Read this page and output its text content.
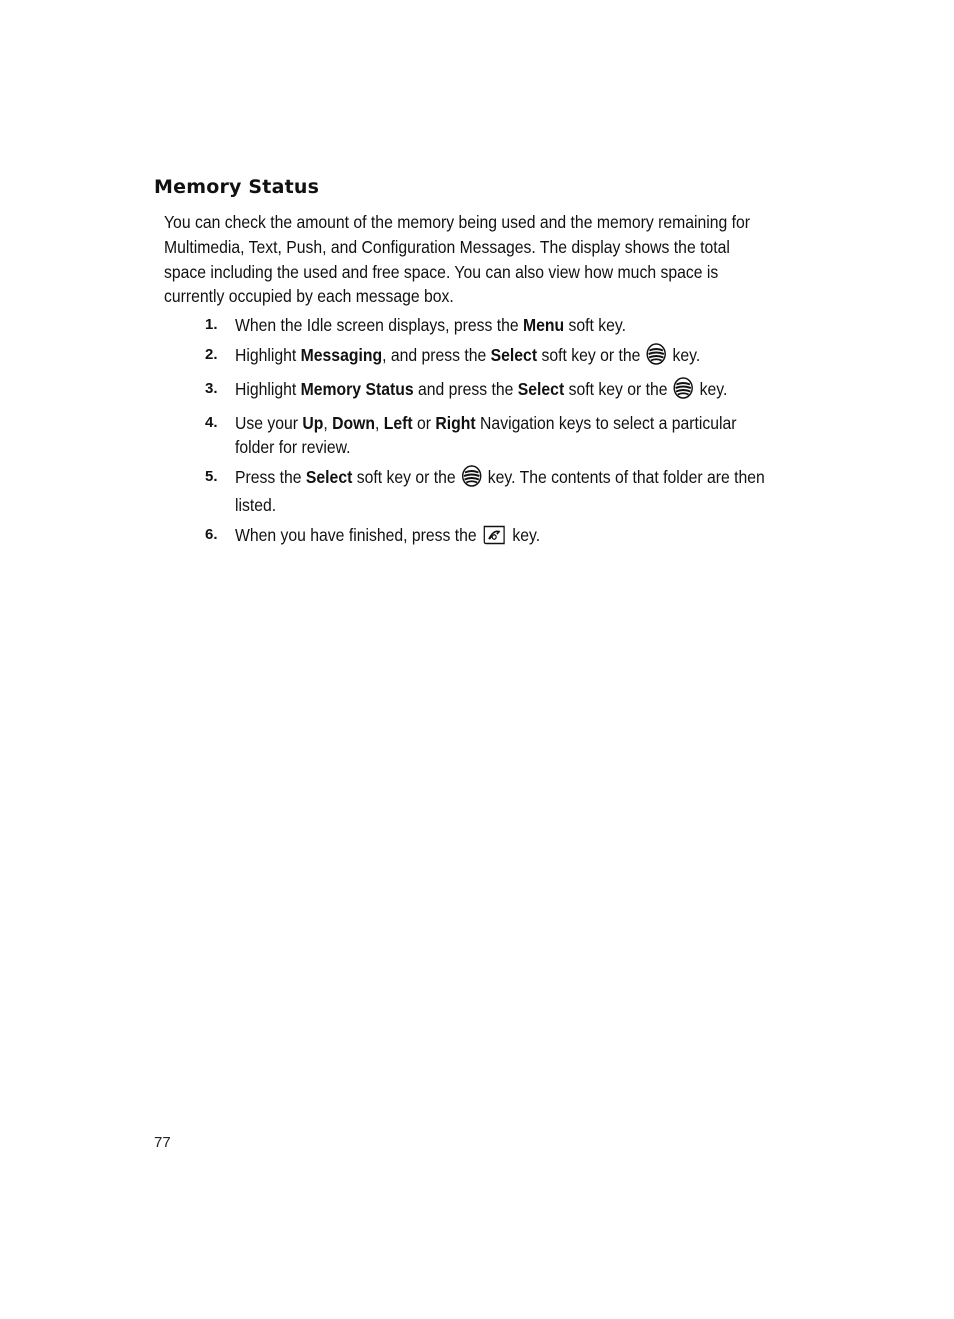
Memory Status

You can check the amount of the memory being used and the memory remaining for Multimedia, Text, Push, and Configuration Messages. The display shows the total space including the used and free space. You can also view how much space is currently occupied by each message box.

1. When the Idle screen displays, press the Menu soft key.
2. Highlight Messaging, and press the Select soft key or the  key.
3. Highlight Memory Status and press the Select soft key or the  key.
4. Use your Up, Down, Left or Right Navigation keys to select a particular folder for review.
5. Press the Select soft key or the  key. The contents of that folder are then listed.
6. When you have finished, press the  key.
77
